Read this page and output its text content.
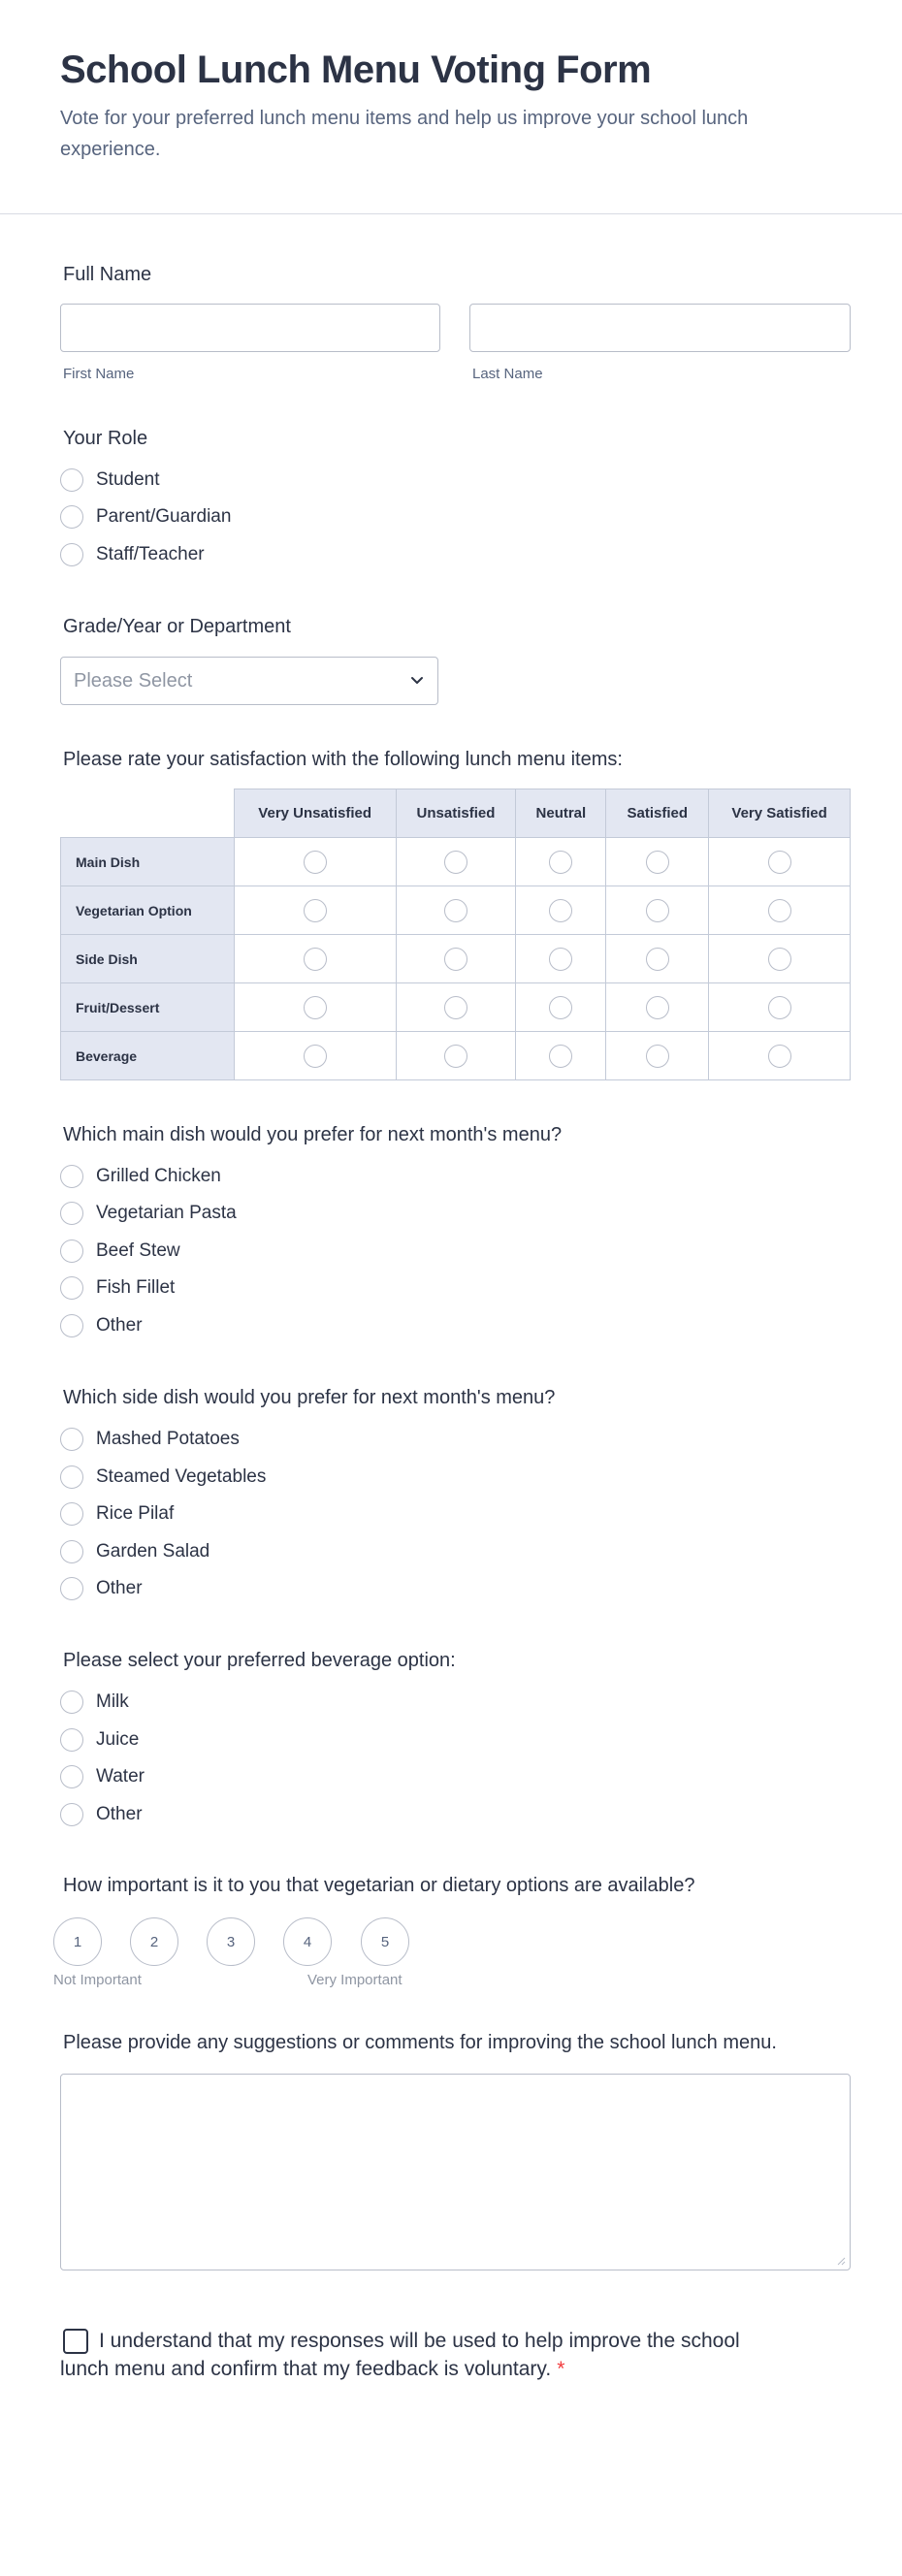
School Lunch Menu Voting Form

Vote for your preferred lunch menu items and help us improve your school lunch experience.

Full Name
First Name	Last Name
Your Role
Student
Parent/Guardian
Staff/Teacher
Grade/Year or Department
Please Select
Please rate your satisfaction with the following lunch menu items:
	Very Unsatisfied	Unsatisfied	Neutral	Satisfied	Very Satisfied
Main Dish					
Vegetarian Option					
Side Dish					
Fruit/Dessert					
Beverage					
Which main dish would you prefer for next month's menu?
Grilled Chicken
Vegetarian Pasta
Beef Stew
Fish Fillet
Other
Which side dish would you prefer for next month's menu?
Mashed Potatoes
Steamed Vegetables
Rice Pilaf
Garden Salad
Other
Please select your preferred beverage option:
Milk
Juice
Water
Other
How important is it to you that vegetarian or dietary options are available?
1	2	3	4	5
Not Important	Very Important
Please provide any suggestions or comments for improving the school lunch menu.

I understand that my responses will be used to help improve the school lunch menu and confirm that my feedback is voluntary. *
